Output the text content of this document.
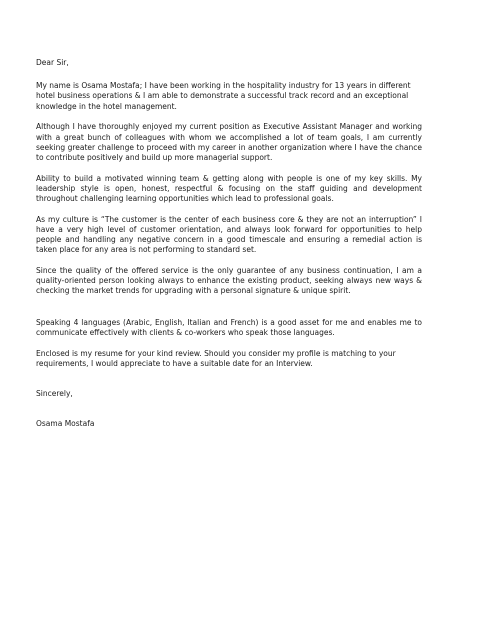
Dear Sir,

My name is Osama Mostafa; I have been working in the hospitality industry for 13 years in different hotel business operations & I am able to demonstrate a successful track record and an exceptional knowledge in the hotel management.

Although I have thoroughly enjoyed my current position as Executive Assistant Manager and working with a great bunch of colleagues with whom we accomplished a lot of team goals, I am currently seeking greater challenge to proceed with my career in another organization where I have the chance to contribute positively and build up more managerial support.

Ability to build a motivated winning team & getting along with people is one of my key skills. My leadership style is open, honest, respectful & focusing on the staff guiding and development throughout challenging learning opportunities which lead to professional goals.

As my culture is “The customer is the center of each business core & they are not an interruption” I have a very high level of customer orientation, and always look forward for opportunities to help people and handling any negative concern in a good timescale and ensuring a remedial action is taken place for any area is not performing to standard set.

Since the quality of the offered service is the only guarantee of any business continuation, I am a quality-oriented person looking always to enhance the existing product, seeking always new ways & checking the market trends for upgrading with a personal signature & unique spirit.

Speaking 4 languages (Arabic, English, Italian and French) is a good asset for me and enables me to communicate effectively with clients & co-workers who speak those languages.

Enclosed is my resume for your kind review. Should you consider my profile is matching to your requirements, I would appreciate to have a suitable date for an Interview.

Sincerely,

Osama Mostafa
